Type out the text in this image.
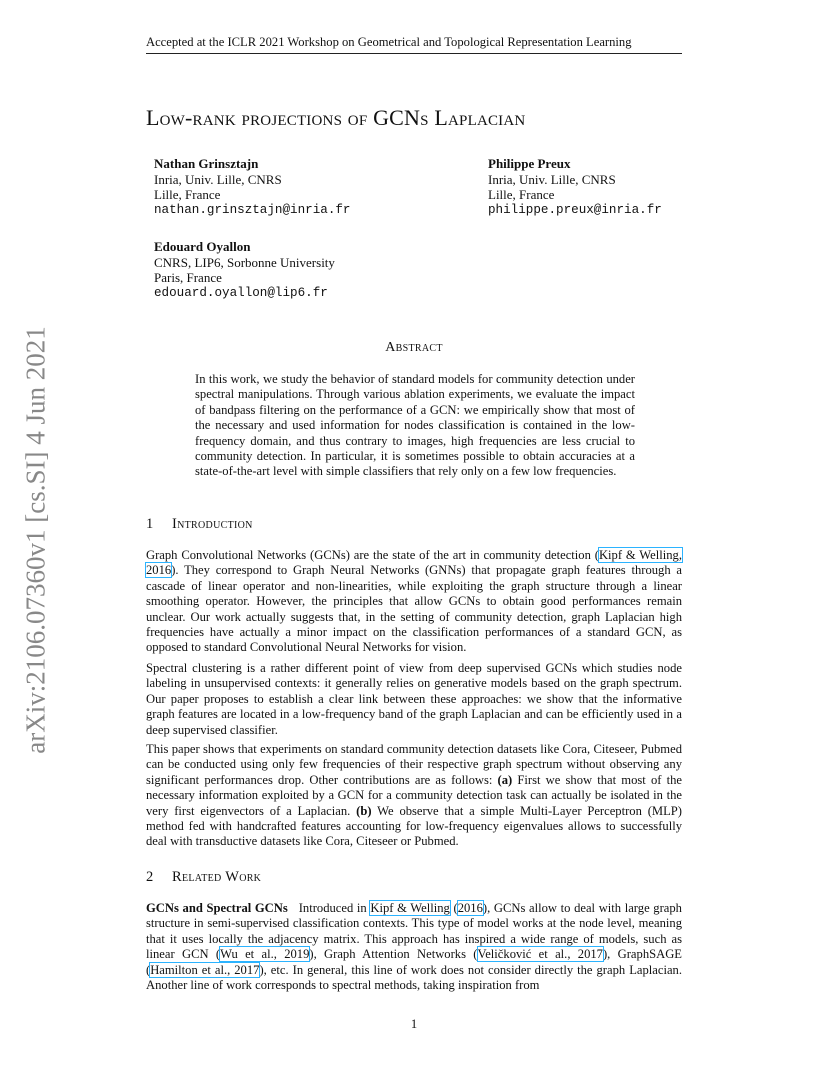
Accepted at the ICLR 2021 Workshop on Geometrical and Topological Representation Learning
Low-rank projections of GCNs Laplacian
Nathan Grinsztajn
Inria, Univ. Lille, CNRS
Lille, France
nathan.grinsztajn@inria.fr
Philippe Preux
Inria, Univ. Lille, CNRS
Lille, France
philippe.preux@inria.fr
Edouard Oyallon
CNRS, LIP6, Sorbonne University
Paris, France
edouard.oyallon@lip6.fr
arXiv:2106.07360v1 [cs.SI] 4 Jun 2021	Abstract
In this work, we study the behavior of standard models for community detection under spectral manipulations. Through various ablation experiments, we evaluate the impact of bandpass filtering on the performance of a GCN: we empirically show that most of the necessary and used information for nodes classification is contained in the low-frequency domain, and thus contrary to images, high frequencies are less crucial to community detection. In particular, it is sometimes possible to obtain accuracies at a state-of-the-art level with simple classifiers that rely only on a few low frequencies.
1 Introduction
Graph Convolutional Networks (GCNs) are the state of the art in community detection (Kipf & Welling, 2016). They correspond to Graph Neural Networks (GNNs) that propagate graph features through a cascade of linear operator and non-linearities, while exploiting the graph structure through a linear smoothing operator. However, the principles that allow GCNs to obtain good performances remain unclear. Our work actually suggests that, in the setting of community detection, graph Laplacian high frequencies have actually a minor impact on the classification performances of a standard GCN, as opposed to standard Convolutional Neural Networks for vision.
Spectral clustering is a rather different point of view from deep supervised GCNs which studies node labeling in unsupervised contexts: it generally relies on generative models based on the graph spectrum. Our paper proposes to establish a clear link between these approaches: we show that the informative graph features are located in a low-frequency band of the graph Laplacian and can be efficiently used in a deep supervised classifier.
This paper shows that experiments on standard community detection datasets like Cora, Citeseer, Pubmed can be conducted using only few frequencies of their respective graph spectrum without observing any significant performances drop. Other contributions are as follows: (a) First we show that most of the necessary information exploited by a GCN for a community detection task can actually be isolated in the very first eigenvectors of a Laplacian. (b) We observe that a simple Multi-Layer Perceptron (MLP) method fed with handcrafted features accounting for low-frequency eigenvalues allows to successfully deal with transductive datasets like Cora, Citeseer or Pubmed.
2 Related Work
GCNs and Spectral GCNs Introduced in Kipf & Welling (2016), GCNs allow to deal with large graph structure in semi-supervised classification contexts. This type of model works at the node level, meaning that it uses locally the adjacency matrix. This approach has inspired a wide range of models, such as linear GCN (Wu et al., 2019), Graph Attention Networks (Veličković et al., 2017), GraphSAGE (Hamilton et al., 2017), etc. In general, this line of work does not consider directly the graph Laplacian. Another line of work corresponds to spectral methods, taking inspiration from
1
